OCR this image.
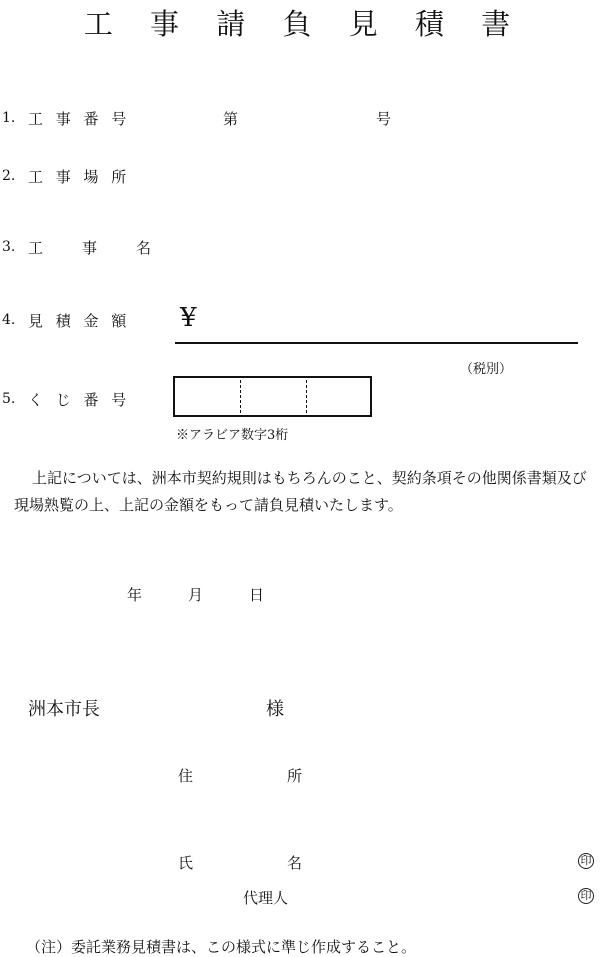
工 事 請 負 見 積 書
1. 工 事 番 号	第	号
2. 工 事 場 所
3. 工　　事　　名
4. 見 積 金 額 ¥
（税別）
5. く じ 番 号
※アラビア数字3桁

上記については、洲本市契約規則はもちろんのこと、契約条項その他関係書類及び

現場熟覧の上、上記の金額をもって請負見積いたします。

年	月	日
洲本市長	様
住	所
氏	名	印
代理人	印
（注）委託業務見積書は、この様式に準じ作成すること。
